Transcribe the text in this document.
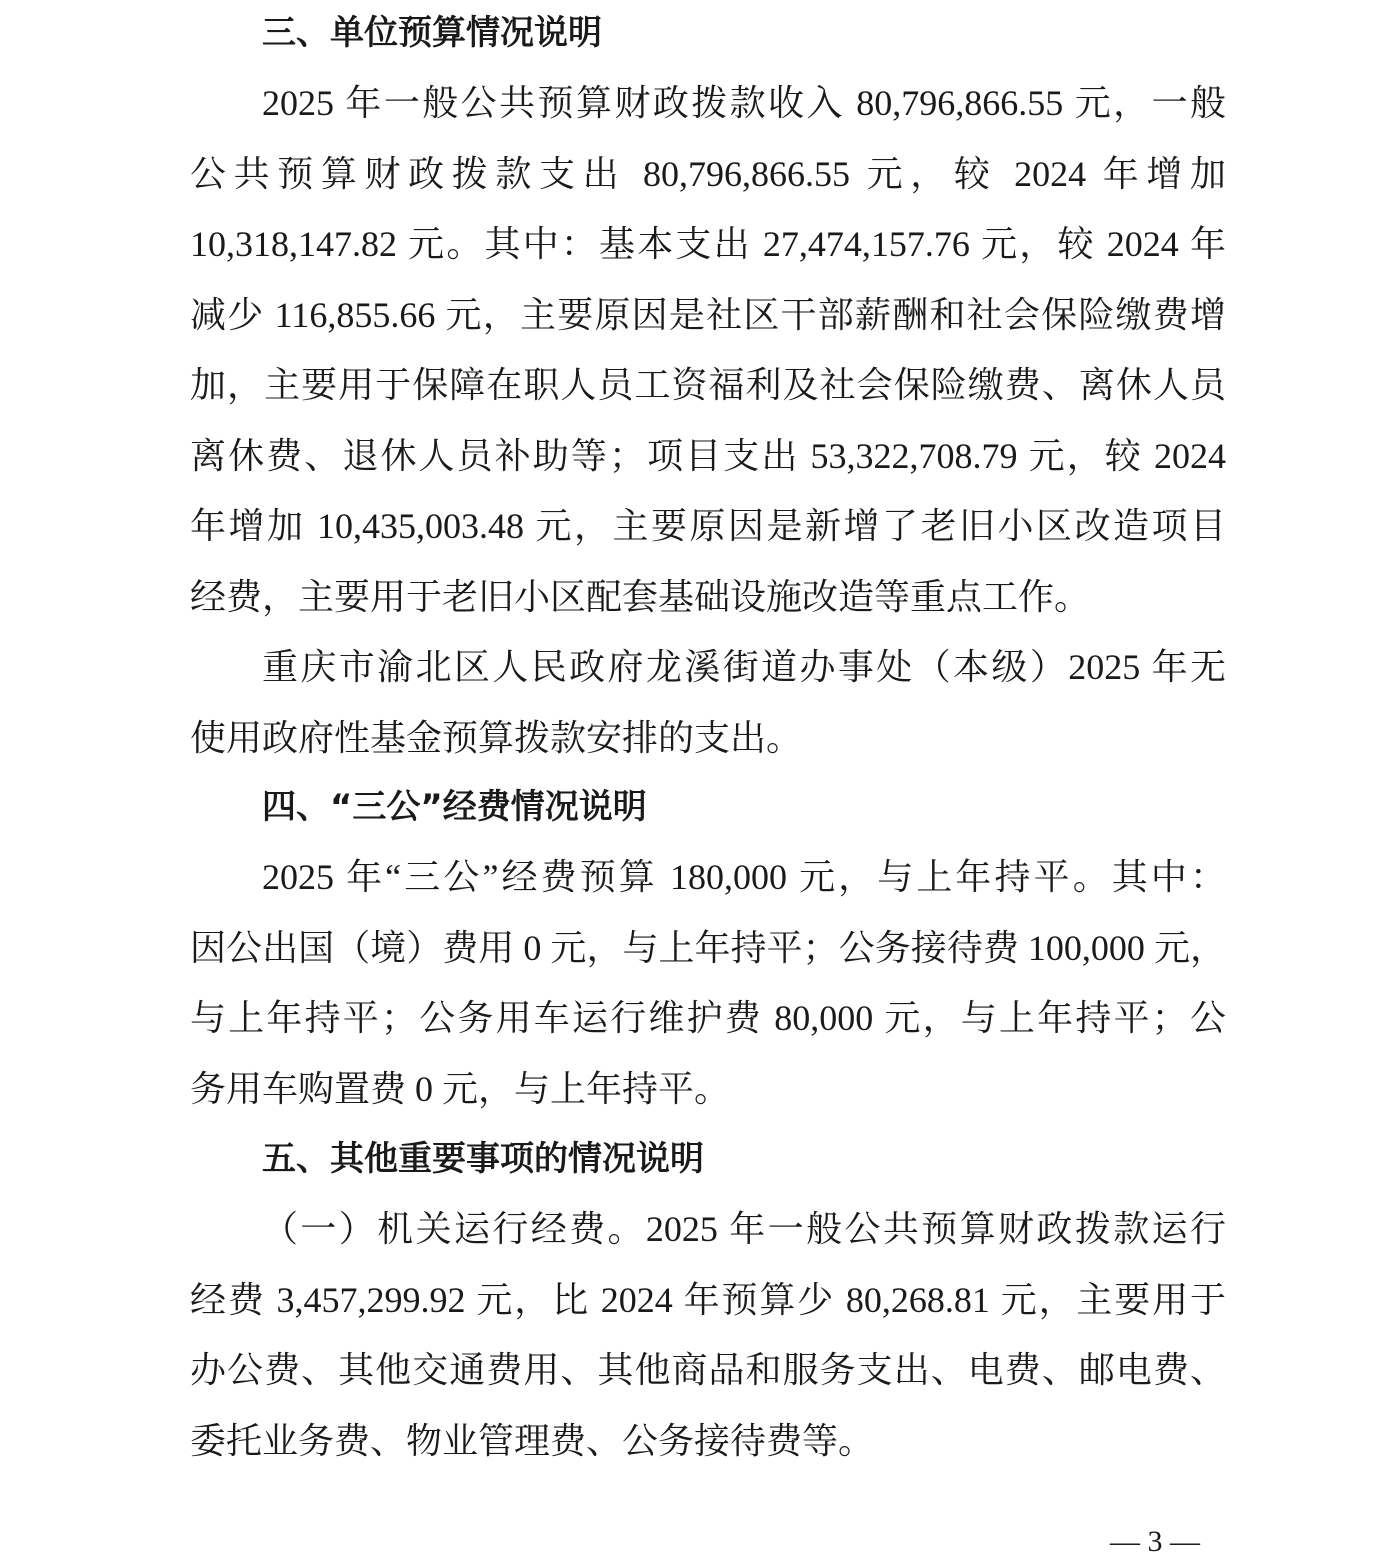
三、单位预算情况说明

2025 年一般公共预算财政拨款收入 80,796,866.55 元，一般
公共预算财政拨款支出 80,796,866.55 元，较 2024 年增加
10,318,147.82 元。其中：基本支出 27,474,157.76 元，较 2024 年
减少 116,855.66 元，主要原因是社区干部薪酬和社会保险缴费增
加，主要用于保障在职人员工资福利及社会保险缴费、离休人员
离休费、退休人员补助等；项目支出 53,322,708.79 元，较 2024
年增加 10,435,003.48 元，主要原因是新增了老旧小区改造项目
经费，主要用于老旧小区配套基础设施改造等重点工作。

重庆市渝北区人民政府龙溪街道办事处（本级）2025 年无
使用政府性基金预算拨款安排的支出。

四、“三公”经费情况说明

2025 年“三公”经费预算 180,000 元，与上年持平。其中：
因公出国（境）费用 0 元，与上年持平；公务接待费 100,000 元，
与上年持平；公务用车运行维护费 80,000 元，与上年持平；公
务用车购置费 0 元，与上年持平。

五、其他重要事项的情况说明

（一）机关运行经费。2025 年一般公共预算财政拨款运行
经费 3,457,299.92 元，比 2024 年预算少 80,268.81 元，主要用于
办公费、其他交通费用、其他商品和服务支出、电费、邮电费、
委托业务费、物业管理费、公务接待费等。

— 3 —
